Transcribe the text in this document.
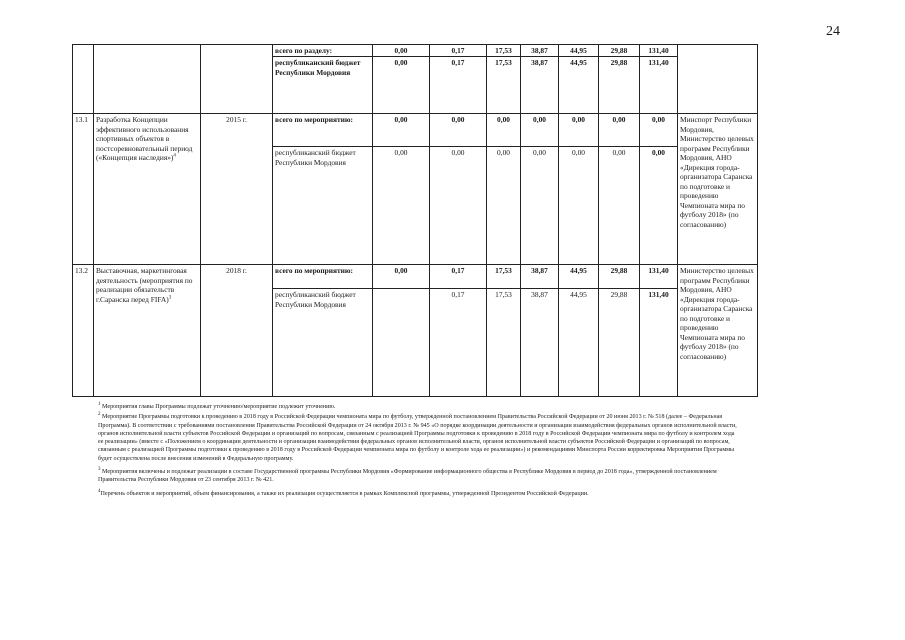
24
			всего по разделу:	0,00	0,17	17,53	38,87	44,95	29,88	131,40	
			республиканский бюджет Республики Мордовия	0,00	0,17	17,53	38,87	44,95	29,88	131,40	
13.1	Разработка Концепции эффективного использования спортивных объектов в постсоревновательный период («Концепция наследия»)$^4$	2015 г.	всего по мероприятию:	0,00	0,00	0,00	0,00	0,00	0,00	0,00	Минспорт Республики Мордовия, Министерство целевых программ Республики Мордовия, АНО «Дирекция города-организатора Саранска по подготовке и проведению Чемпионата мира по футболу 2018» (по согласованию)
			республиканский бюджет Республики Мордовия	0,00	0,00	0,00	0,00	0,00	0,00	0,00	
13.2	Выставочная, маркетинговая деятельность (мероприятия по реализации обязательств г.Саранска перед FIFA)$^3$	2018 г.	всего по мероприятию:	0,00	0,17	17,53	38,87	44,95	29,88	131,40	Министерство целевых программ Республики Мордовия, АНО «Дирекция города-организатора Саранска по подготовке и проведению Чемпионата мира по футболу 2018» (по согласованию)
			республиканский бюджет Республики Мордовия		0,17	17,53	38,87	44,95	29,88	131,40	

$^1$ Мероприятия главы Программы подлежат уточнению/мероприятие подлежит уточнению.

$^2$ Мероприятие Программы подготовки к проведению в 2018 году в Российской Федерации чемпионата мира по футболу, утвержденной постановлением Правительства Российской Федерации от 20 июня 2013 г. № 518 (далее – Федеральная Программа). В соответствии с требованиями постановления Правительства Российской Федерации от 24 октября 2013 г. № 945 «О порядке координации деятельности и организации взаимодействия федеральных органов исполнительной власти, органов исполнительной власти субъектов Российской Федерации и организаций по вопросам, связанным с реализацией Программы подготовки к проведению в 2018 году в Российской Федерации чемпионата мира по футболу и контролем хода ее реализации» (вместе с «Положением о координации деятельности и организации взаимодействия федеральных органов исполнительной власти, органов исполнительной власти субъектов Российской Федерации и организаций по вопросам, связанным с реализацией Программы подготовки к проведению в 2018 году в Российской Федерации чемпионата мира по футболу и контроле хода ее реализации») и рекомендациями Минспорта России корректировка Мероприятия Программы будет осуществлена после внесения изменений в Федеральную программу.

$^3$ Мероприятия включены и подлежат реализации в составе Государственной программы Республики Мордовия «Формирование информационного общества в Республике Мордовия в период до 2018 года», утвержденной постановлением Правительства Республики Мордовия от 23 сентября 2013 г. № 421.

$^4$Перечень объектов и мероприятий, объем финансирования, а также их реализация осуществляется в рамках Комплексной программы, утвержденной Президентом Российской Федерации.
